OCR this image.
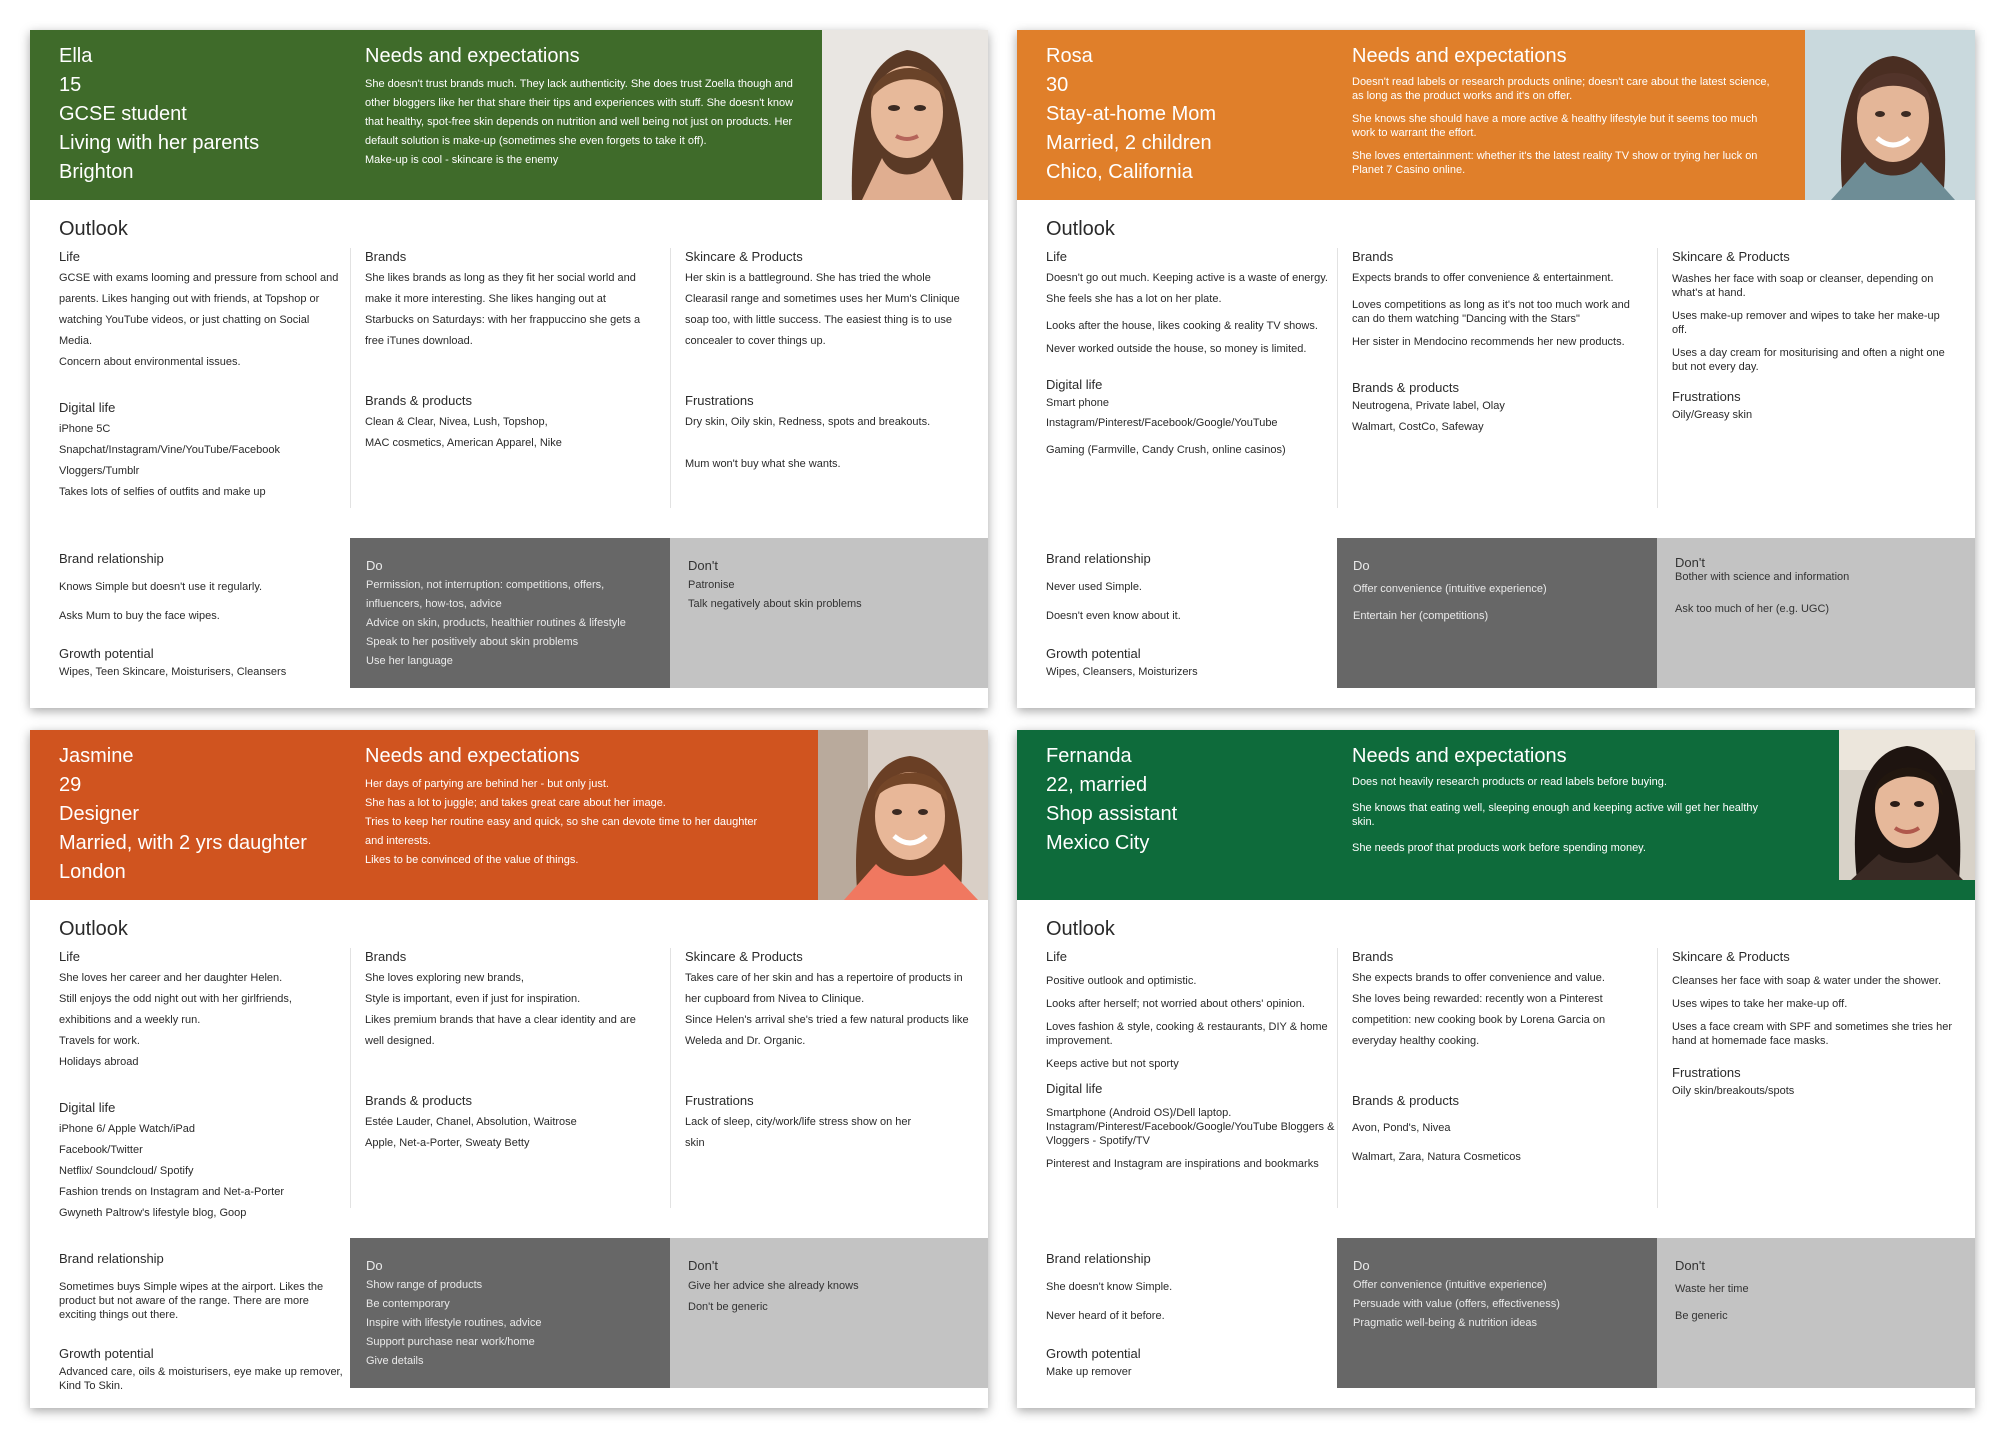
Ella
15
GCSE student
Living with her parents
Brighton
Needs and expectations

She doesn't trust brands much. They lack authenticity. She does trust Zoella though and other bloggers like her that share their tips and experiences with stuff. She doesn't know that healthy, spot-free skin depends on nutrition and well being not just on products. Her default solution is make-up (sometimes she even forgets to take it off).

Make-up is cool - skincare is the enemy

Outlook
Life

GCSE with exams looming and pressure from school and parents. Likes hanging out with friends, at Topshop or watching YouTube videos, or just chatting on Social Media.

Concern about environmental issues.

Digital life

iPhone 5C

Snapchat/Instagram/Vine/YouTube/Facebook

Vloggers/Tumblr

Takes lots of selfies of outfits and make up

Brands

She likes brands as long as they fit her social world and make it more interesting. She likes hanging out at Starbucks on Saturdays: with her frappuccino she gets a free iTunes download.

Brands & products

Clean & Clear, Nivea, Lush, Topshop,

MAC cosmetics, American Apparel, Nike

Skincare & Products

Her skin is a battleground. She has tried the whole Clearasil range and sometimes uses her Mum's Clinique soap too, with little success. The easiest thing is to use concealer to cover things up.

Frustrations

Dry skin, Oily skin, Redness, spots and breakouts.

Mum won't buy what she wants.

Brand relationship

Knows Simple but doesn't use it regularly.

Asks Mum to buy the face wipes.

Growth potential

Wipes, Teen Skincare, Moisturisers, Cleansers

Do

Permission, not interruption: competitions, offers, influencers, how-tos, advice

Advice on skin, products, healthier routines & lifestyle

Speak to her positively about skin problems

Use her language

Don't

Patronise

Talk negatively about skin problems

Rosa
30
Stay-at-home Mom
Married, 2 children
Chico, California
Needs and expectations

Doesn't read labels or research products online; doesn't care about the latest science, as long as the product works and it's on offer.

She knows she should have a more active & healthy lifestyle but it seems too much work to warrant the effort.

She loves entertainment: whether it's the latest reality TV show or trying her luck on Planet 7 Casino online.

Outlook
Life

Doesn't go out much. Keeping active is a waste of energy. She feels she has a lot on her plate.

Looks after the house, likes cooking & reality TV shows.

Never worked outside the house, so money is limited.

Digital life

Smart phone

Instagram/Pinterest/Facebook/Google/YouTube

Gaming (Farmville, Candy Crush, online casinos)

Brands

Expects brands to offer convenience & entertainment.

Loves competitions as long as it's not too much work and can do them watching "Dancing with the Stars"

Her sister in Mendocino recommends her new products.

Brands & products

Neutrogena, Private label, Olay

Walmart, CostCo, Safeway

Skincare & Products

Washes her face with soap or cleanser, depending on what's at hand.

Uses make-up remover and wipes to take her make-up off.

Uses a day cream for mositurising and often a night one but not every day.

Frustrations

Oily/Greasy skin

Brand relationship

Never used Simple.

Doesn't even know about it.

Growth potential

Wipes, Cleansers, Moisturizers

Do

Offer convenience (intuitive experience)

Entertain her (competitions)

Don't

Bother with science and information

Ask too much of her (e.g. UGC)

Jasmine
29
Designer
Married, with 2 yrs daughter
London
Needs and expectations

Her days of partying are behind her - but only just.

She has a lot to juggle; and takes great care about her image.

Tries to keep her routine easy and quick, so she can devote time to her daughter and interests.

Likes to be convinced of the value of things.

Outlook
Life

She loves her career and her daughter Helen.

Still enjoys the odd night out with her girlfriends, exhibitions and a weekly run.

Travels for work.

Holidays abroad

Digital life

iPhone 6/ Apple Watch/iPad

Facebook/Twitter

Netflix/ Soundcloud/ Spotify

Fashion trends on Instagram and Net-a-Porter

Gwyneth Paltrow's lifestyle blog, Goop

Brands

She loves exploring new brands,

Style is important, even if just for inspiration.

Likes premium brands that have a clear identity and are well designed.

Brands & products

Estée Lauder, Chanel, Absolution, Waitrose

Apple, Net-a-Porter, Sweaty Betty

Skincare & Products

Takes care of her skin and has a repertoire of products in her cupboard from Nivea to Clinique.

Since Helen's arrival she's tried a few natural products like Weleda and Dr. Organic.

Frustrations

Lack of sleep, city/work/life stress show on her skin

Brand relationship

Sometimes buys Simple wipes at the airport. Likes the product but not aware of the range. There are more exciting things out there.

Growth potential

Advanced care, oils & moisturisers, eye make up remover, Kind To Skin.

Do

Show range of products

Be contemporary

Inspire with lifestyle routines, advice

Support purchase near work/home

Give details

Don't

Give her advice she already knows

Don't be generic

Fernanda
22, married
Shop assistant
Mexico City
Needs and expectations

Does not heavily research products or read labels before buying.

She knows that eating well, sleeping enough and keeping active will get her healthy skin.

She needs proof that products work before spending money.

Outlook
Life

Positive outlook and optimistic.

Looks after herself; not worried about others' opinion.

Loves fashion & style, cooking & restaurants, DIY & home improvement.

Keeps active but not sporty

Digital life

Smartphone (Android OS)/Dell laptop. Instagram/Pinterest/Facebook/Google/YouTube Bloggers & Vloggers - Spotify/TV

Pinterest and Instagram are inspirations and bookmarks

Brands

She expects brands to offer convenience and value.

She loves being rewarded: recently won a Pinterest competition: new cooking book by Lorena Garcia on everyday healthy cooking.

Brands & products

Avon, Pond's, Nivea

Walmart, Zara, Natura Cosmeticos

Skincare & Products

Cleanses her face with soap & water under the shower.

Uses wipes to take her make-up off.

Uses a face cream with SPF and sometimes she tries her hand at homemade face masks.

Frustrations

Oily skin/breakouts/spots

Brand relationship

She doesn't know Simple.

Never heard of it before.

Growth potential

Make up remover

Do

Offer convenience (intuitive experience)

Persuade with value (offers, effectiveness)

Pragmatic well-being & nutrition ideas

Don't

Waste her time

Be generic
